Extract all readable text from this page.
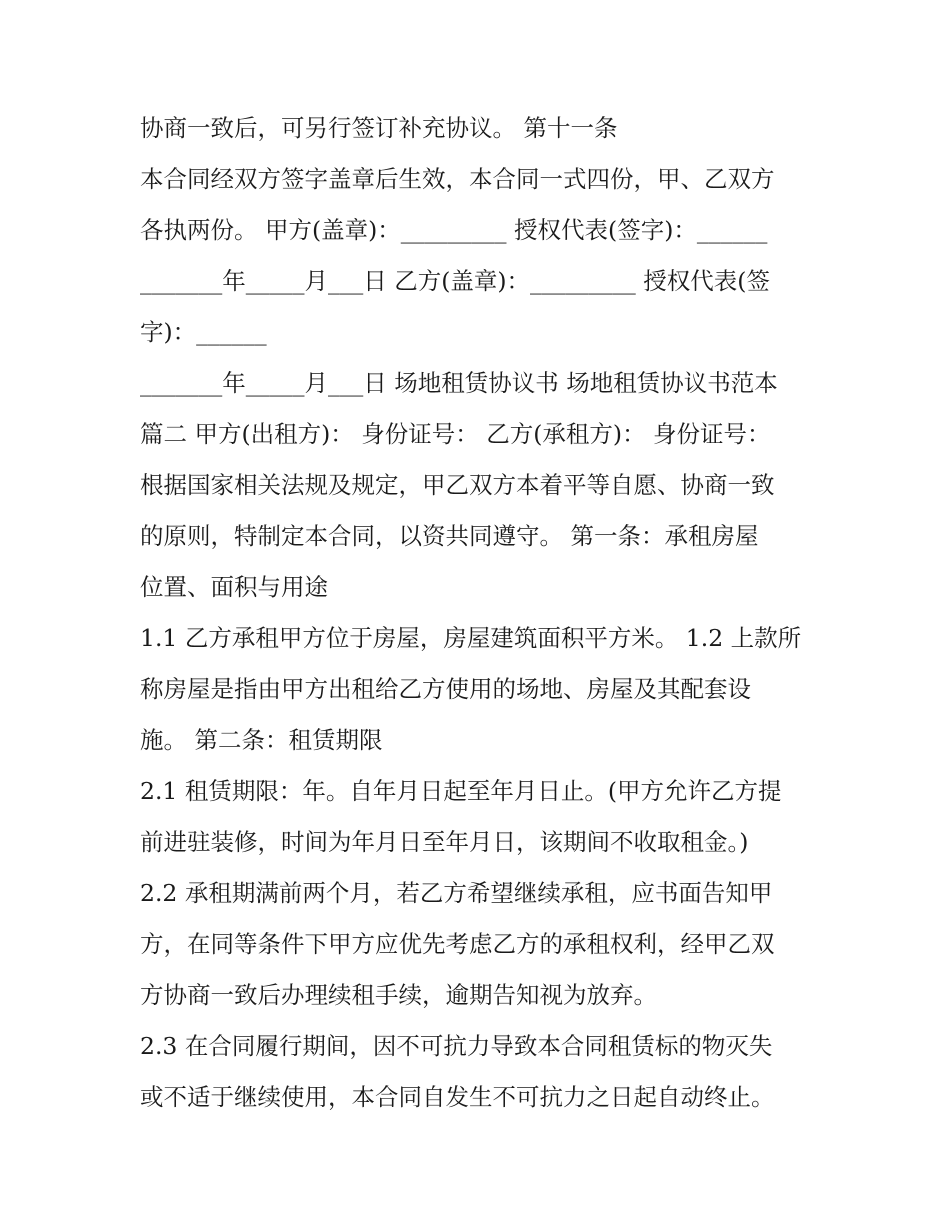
协商一致后，可另行签订补充协议。 第十一条
本合同经双方签字盖章后生效，本合同一式四份，甲、乙双方
各执两份。 甲方(盖章)：_________ 授权代表(签字)：______
_______年_____月___日 乙方(盖章)：_________ 授权代表(签
字)：______
_______年_____月___日 场地租赁协议书 场地租赁协议书范本
篇二 甲方(出租方)： 身份证号： 乙方(承租方)： 身份证号：
根据国家相关法规及规定，甲乙双方本着平等自愿、协商一致
的原则，特制定本合同，以资共同遵守。 第一条：承租房屋
位置、面积与用途
1.1 乙方承租甲方位于房屋，房屋建筑面积平方米。 1.2 上款所
称房屋是指由甲方出租给乙方使用的场地、房屋及其配套设
施。 第二条：租赁期限
2.1 租赁期限：年。自年月日起至年月日止。(甲方允许乙方提
前进驻装修，时间为年月日至年月日，该期间不收取租金。)
2.2 承租期满前两个月，若乙方希望继续承租，应书面告知甲
方，在同等条件下甲方应优先考虑乙方的承租权利，经甲乙双
方协商一致后办理续租手续，逾期告知视为放弃。
2.3 在合同履行期间，因不可抗力导致本合同租赁标的物灭失
或不适于继续使用，本合同自发生不可抗力之日起自动终止。
